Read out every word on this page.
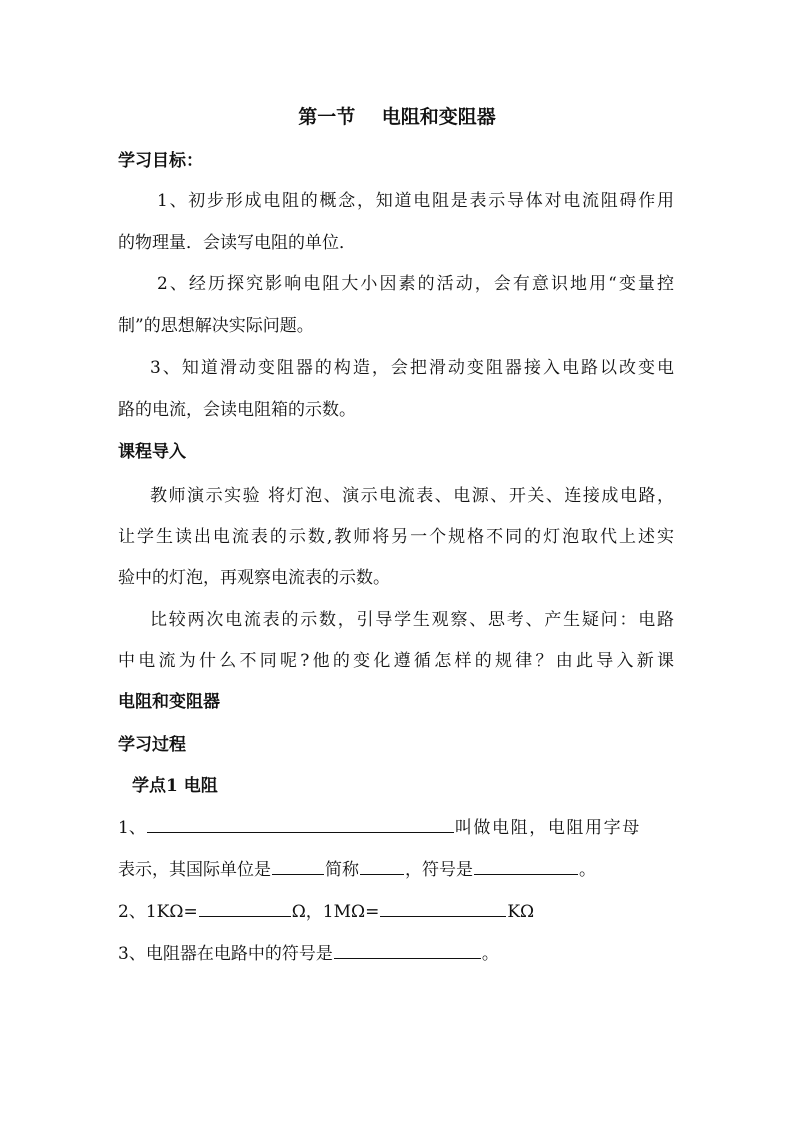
第一节    电阻和变阻器
学习目标：
1、初步形成电阻的概念，知道电阻是表示导体对电流阻碍作用
的物理量．会读写电阻的单位．
2、经历探究影响电阻大小因素的活动，会有意识地用“变量控
制”的思想解决实际问题。
3、知道滑动变阻器的构造，会把滑动变阻器接入电路以改变电
路的电流，会读电阻箱的示数。
课程导入
教师演示实验 将灯泡、演示电流表、电源、开关、连接成电路，
让学生读出电流表的示数,教师将另一个规格不同的灯泡取代上述实
验中的灯泡，再观察电流表的示数。
比较两次电流表的示数，引导学生观察、思考、产生疑问：电路
中电流为什么不同呢?他的变化遵循怎样的规律？由此导入新课
电阻和变阻器
学习过程
学点1 电阻
1、	叫做电阻，电阻用字母
表示，其国际单位是	简称	，符号是	。
2、1KΩ=	Ω，1MΩ=	KΩ
3、电阻器在电路中的符号是	。
